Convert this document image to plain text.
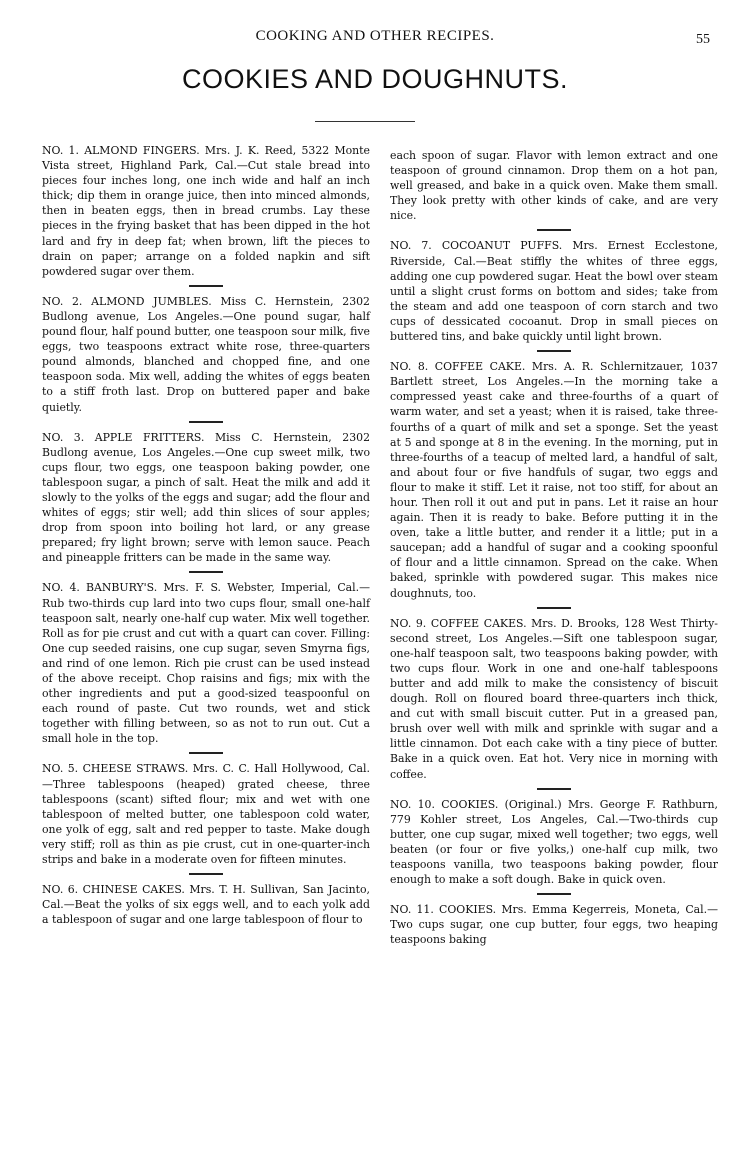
COOKING AND OTHER RECIPES.	55
COOKIES AND DOUGHNUTS.

NO. 1. ALMOND FINGERS. Mrs. J. K. Reed, 5322 Monte Vista street, Highland Park, Cal.—Cut stale bread into pieces four inches long, one inch wide and half an inch thick; dip them in orange juice, then into minced almonds, then in beaten eggs, then in bread crumbs. Lay these pieces in the frying basket that has been dipped in the hot lard and fry in deep fat; when brown, lift the pieces to drain on paper; arrange on a folded napkin and sift powdered sugar over them.

NO. 2. ALMOND JUMBLES. Miss C. Hernstein, 2302 Budlong avenue, Los Angeles.—One pound sugar, half pound flour, half pound butter, one teaspoon sour milk, five eggs, two teaspoons extract white rose, three-quarters pound almonds, blanched and chopped fine, and one teaspoon soda. Mix well, adding the whites of eggs beaten to a stiff froth last. Drop on buttered paper and bake quietly.

NO. 3. APPLE FRITTERS. Miss C. Hernstein, 2302 Budlong avenue, Los Angeles.—One cup sweet milk, two cups flour, two eggs, one teaspoon baking powder, one tablespoon sugar, a pinch of salt. Heat the milk and add it slowly to the yolks of the eggs and sugar; add the flour and whites of eggs; stir well; add thin slices of sour apples; drop from spoon into boiling hot lard, or any grease prepared; fry light brown; serve with lemon sauce. Peach and pineapple fritters can be made in the same way.

NO. 4. BANBURY'S. Mrs. F. S. Webster, Imperial, Cal.—Rub two-thirds cup lard into two cups flour, small one-half teaspoon salt, nearly one-half cup water. Mix well together. Roll as for pie crust and cut with a quart can cover. Filling: One cup seeded raisins, one cup sugar, seven Smyrna figs, and rind of one lemon. Rich pie crust can be used instead of the above receipt. Chop raisins and figs; mix with the other ingredients and put a good-sized teaspoonful on each round of paste. Cut two rounds, wet and stick together with filling between, so as not to run out. Cut a small hole in the top.

NO. 5. CHEESE STRAWS. Mrs. C. C. Hall Hollywood, Cal.—Three tablespoons (heaped) grated cheese, three tablespoons (scant) sifted flour; mix and wet with one tablespoon of melted butter, one tablespoon cold water, one yolk of egg, salt and red pepper to taste. Make dough very stiff; roll as thin as pie crust, cut in one-quarter-inch strips and bake in a moderate oven for fifteen minutes.

NO. 6. CHINESE CAKES. Mrs. T. H. Sullivan, San Jacinto, Cal.—Beat the yolks of six eggs well, and to each yolk add a tablespoon of sugar and one large tablespoon of flour to

each spoon of sugar. Flavor with lemon extract and one teaspoon of ground cinnamon. Drop them on a hot pan, well greased, and bake in a quick oven. Make them small. They look pretty with other kinds of cake, and are very nice.

NO. 7. COCOANUT PUFFS. Mrs. Ernest Ecclestone, Riverside, Cal.—Beat stiffly the whites of three eggs, adding one cup powdered sugar. Heat the bowl over steam until a slight crust forms on bottom and sides; take from the steam and add one teaspoon of corn starch and two cups of dessicated cocoanut. Drop in small pieces on buttered tins, and bake quickly until light brown.

NO. 8. COFFEE CAKE. Mrs. A. R. Schlernitzauer, 1037 Bartlett street, Los Angeles.—In the morning take a compressed yeast cake and three-fourths of a quart of warm water, and set a yeast; when it is raised, take three-fourths of a quart of milk and set a sponge. Set the yeast at 5 and sponge at 8 in the evening. In the morning, put in three-fourths of a teacup of melted lard, a handful of salt, and about four or five handfuls of sugar, two eggs and flour to make it stiff. Let it raise, not too stiff, for about an hour. Then roll it out and put in pans. Let it raise an hour again. Then it is ready to bake. Before putting it in the oven, take a little butter, and render it a little; put in a saucepan; add a handful of sugar and a cooking spoonful of flour and a little cinnamon. Spread on the cake. When baked, sprinkle with powdered sugar. This makes nice doughnuts, too.

NO. 9. COFFEE CAKES. Mrs. D. Brooks, 128 West Thirty-second street, Los Angeles.—Sift one tablespoon sugar, one-half teaspoon salt, two teaspoons baking powder, with two cups flour. Work in one and one-half tablespoons butter and add milk to make the consistency of biscuit dough. Roll on floured board three-quarters inch thick, and cut with small biscuit cutter. Put in a greased pan, brush over well with milk and sprinkle with sugar and a little cinnamon. Dot each cake with a tiny piece of butter. Bake in a quick oven. Eat hot. Very nice in morning with coffee.

NO. 10. COOKIES. (Original.) Mrs. George F. Rathburn, 779 Kohler street, Los Angeles, Cal.—Two-thirds cup butter, one cup sugar, mixed well together; two eggs, well beaten (or four or five yolks,) one-half cup milk, two teaspoons vanilla, two teaspoons baking powder, flour enough to make a soft dough. Bake in quick oven.

NO. 11. COOKIES. Mrs. Emma Kegerreis, Moneta, Cal.—Two cups sugar, one cup butter, four eggs, two heaping teaspoons baking
